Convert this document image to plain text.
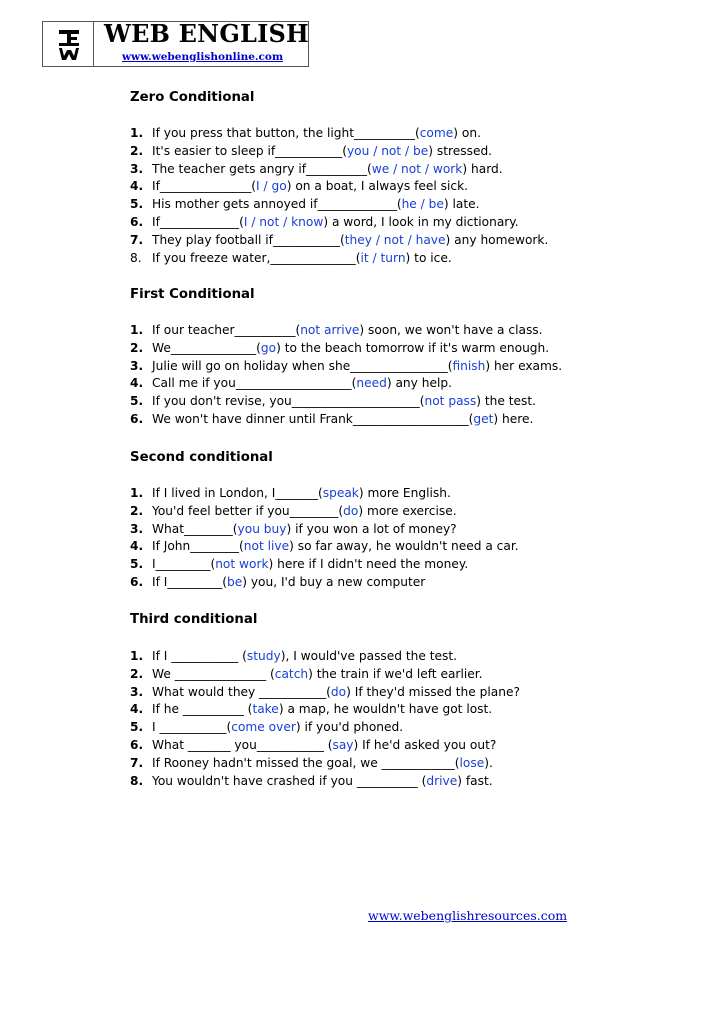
WEB ENGLISH
www.webenglishonline.com

Zero Conditional

1. If you press that button, the light__________(come) on.
2. It's easier to sleep if___________(you / not / be) stressed.
3. The teacher gets angry if__________(we / not / work) hard.
4. If_______________(I / go) on a boat, I always feel sick.
5. His mother gets annoyed if_____________(he / be) late.
6. If_____________(I / not / know) a word, I look in my dictionary.
7. They play football if___________(they / not / have) any homework.
8. If you freeze water,______________(it / turn) to ice.

First Conditional

1. If our teacher__________(not arrive) soon, we won't have a class.
2. We______________(go) to the beach tomorrow if it's warm enough.
3. Julie will go on holiday when she________________(finish) her exams.
4. Call me if you___________________(need) any help.
5. If you don't revise, you_____________________(not pass) the test.
6. We won't have dinner until Frank___________________(get) here.

Second conditional

1. If I lived in London, I_______(speak) more English.
2. You'd feel better if you________(do) more exercise.
3. What________(you buy) if you won a lot of money?
4. If John________(not live) so far away, he wouldn't need a car.
5. I_________(not work) here if I didn't need the money.
6. If I_________(be) you, I'd buy a new computer

Third conditional

1. If I ___________ (study), I would've passed the test.
2. We _______________ (catch) the train if we'd left earlier.
3. What would they ___________(do) If they'd missed the plane?
4. If he __________ (take) a map, he wouldn't have got lost.
5. I ___________(come over) if you'd phoned.
6. What _______ you___________ (say) If he'd asked you out?
7. If Rooney hadn't missed the goal, we ____________(lose).
8. You wouldn't have crashed if you __________ (drive) fast.
www.webenglishresources.com
